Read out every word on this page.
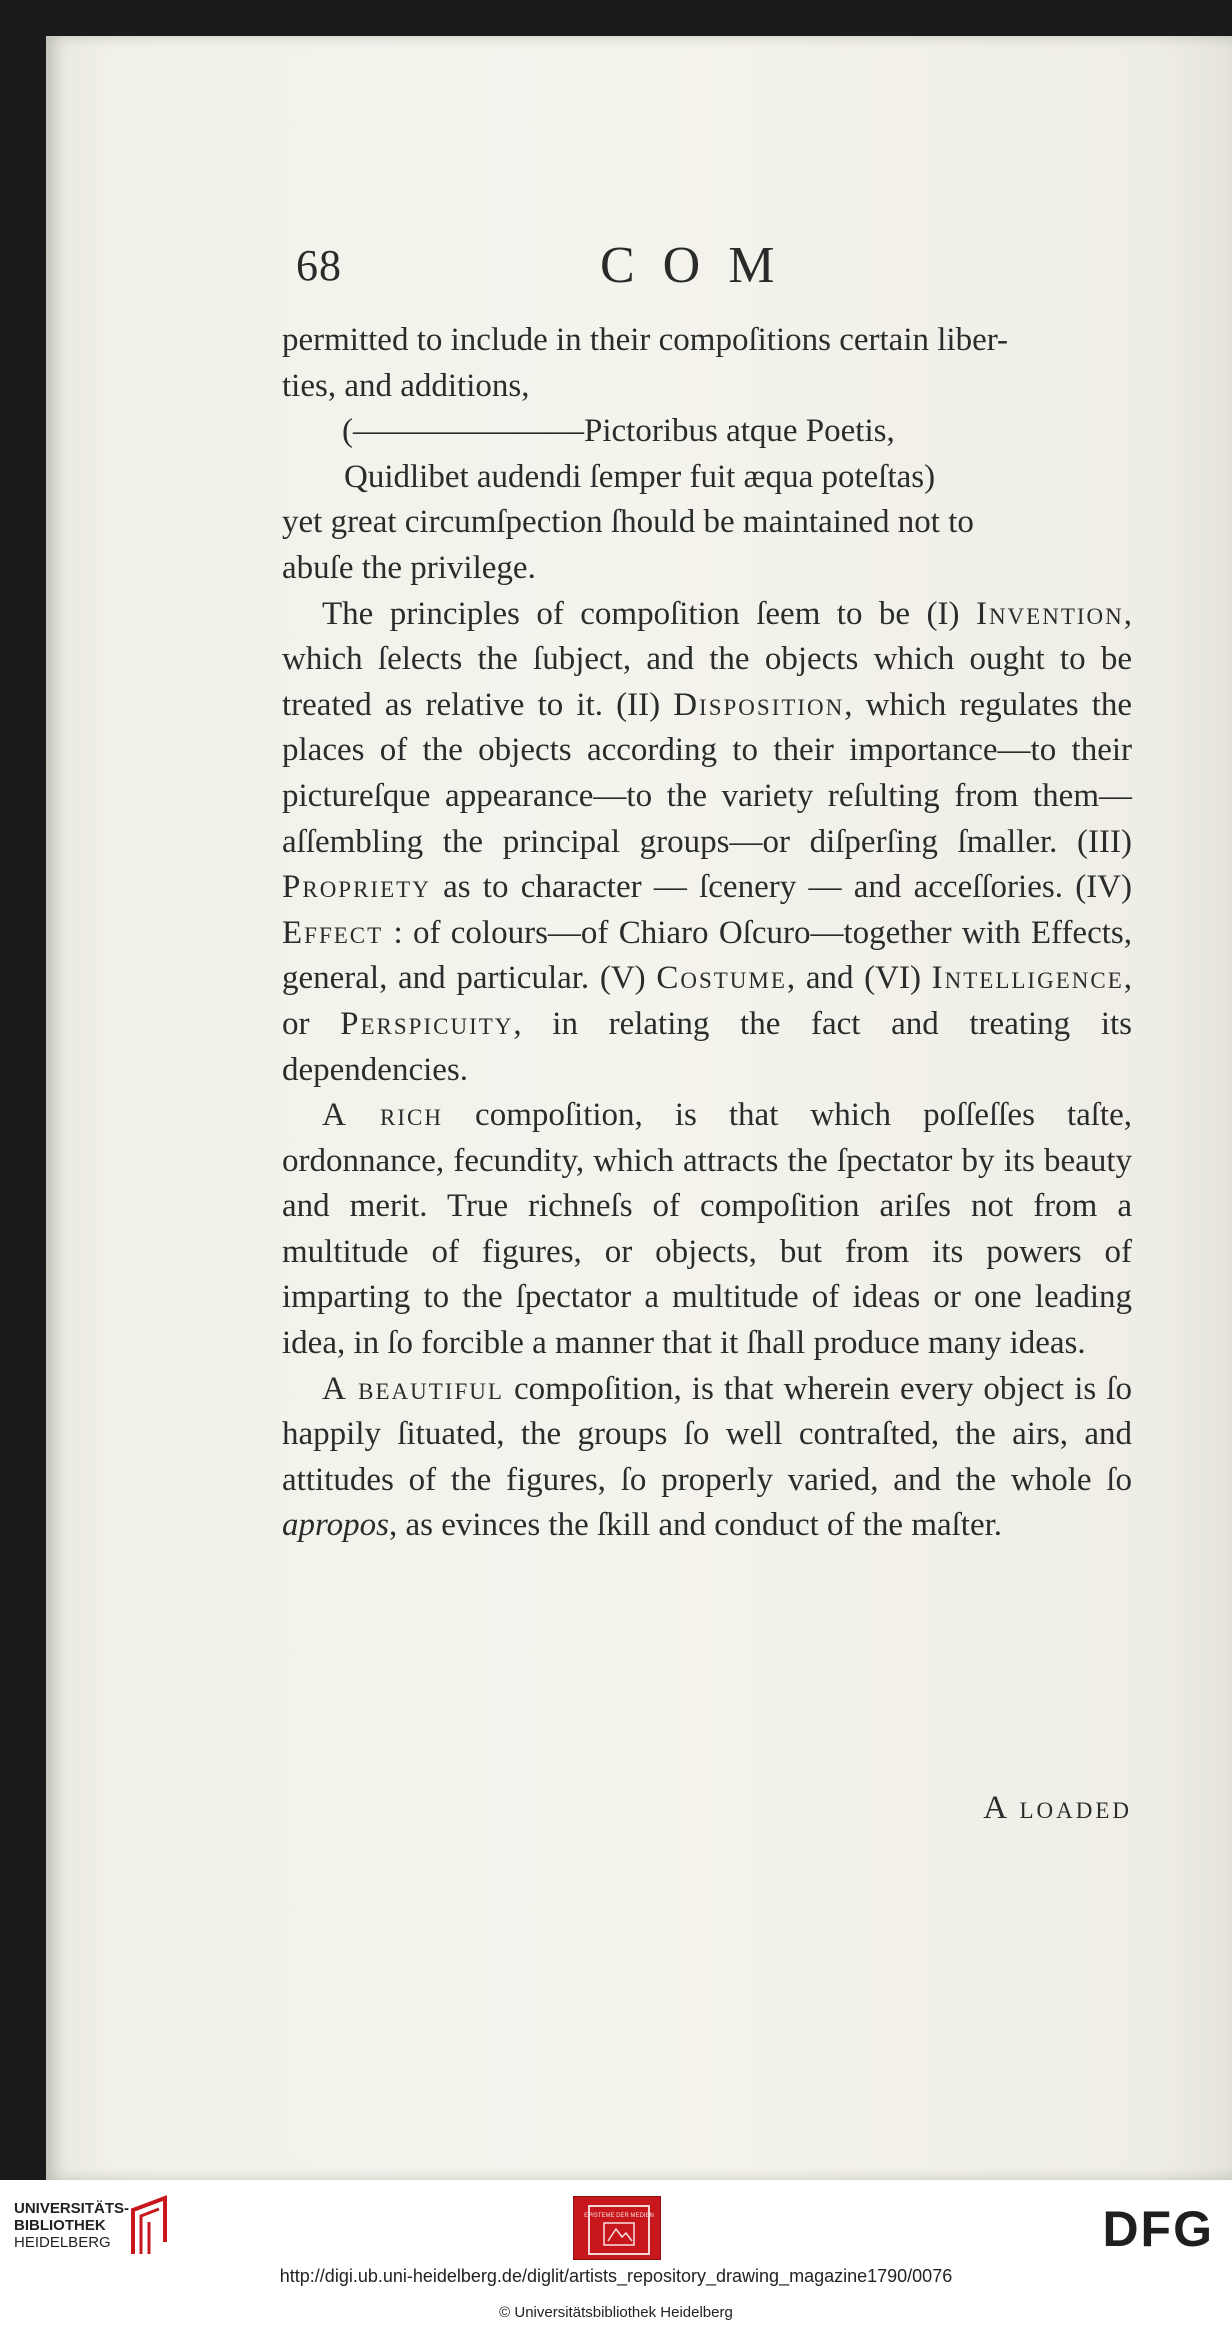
68	COM

permitted to include in their compoſitions certain liber-
ties, and additions,

(———————Pictoribus atque Poetis,

Quidlibet audendi ſemper fuit æqua poteſtas)

yet great circumſpection ſhould be maintained not to
abuſe the privilege.

The principles of compoſition ſeem to be (I) Invention, which ſelects the ſubject, and the objects which ought to be treated as relative to it. (II) Disposition, which regulates the places of the objects according to their importance—to their pictureſque appearance—to the variety reſulting from them—aſſembling the principal groups—or diſperſing ſmaller. (III) Propriety as to character — ſcenery — and acceſſories. (IV) Effect : of colours—of Chiaro Oſcuro—together with Effects, general, and particular. (V) Costume, and (VI) Intelligence, or Perspicuity, in relating the fact and treating its dependencies.

A rich compoſition, is that which poſſeſſes taſte, ordonnance, fecundity, which attracts the ſpectator by its beauty and merit. True richneſs of compoſition ariſes not from a multitude of figures, or objects, but from its powers of imparting to the ſpectator a multitude of ideas or one leading idea, in ſo forcible a manner that it ſhall produce many ideas.

A beautiful compoſition, is that wherein every object is ſo happily ſituated, the groups ſo well contraſted, the airs, and attitudes of the figures, ſo properly varied, and the whole ſo apropos, as evinces the ſkill and conduct of the maſter.

A loaded
UNIVERSITÄTS-
BIBLIOTHEK
HEIDELBERG
EPISTEME DER MEDIEN	DFG
http://digi.ub.uni-heidelberg.de/diglit/artists_repository_drawing_magazine1790/0076
© Universitätsbibliothek Heidelberg
